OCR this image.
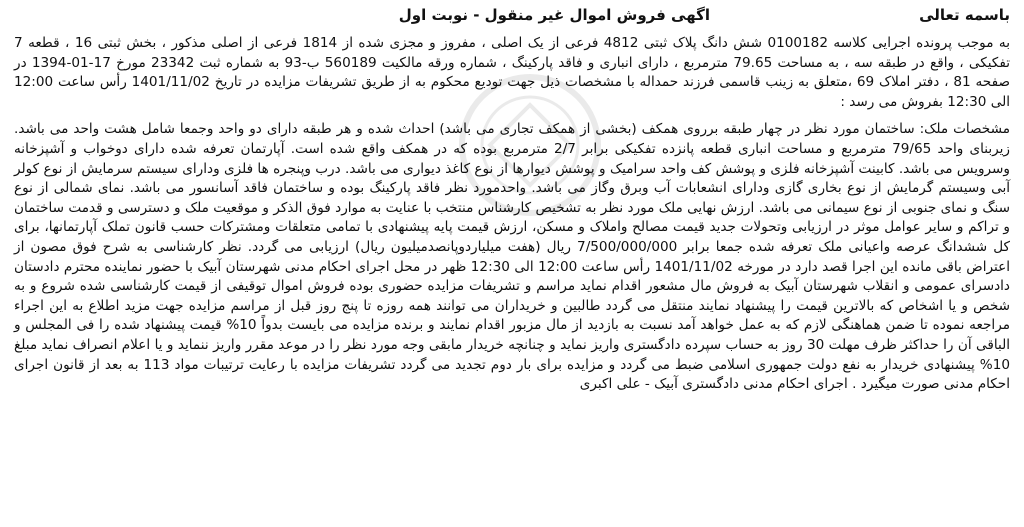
باسمه تعالی
اگهی فروش اموال غیر منقول - نوبت اول

به موجب پرونده اجرایی کلاسه 0100182 شش دانگ پلاک ثبتی 4812 فرعی از یک اصلی ، مفروز و مجزی شده از 1814 فرعی از اصلی مذکور ، بخش ثبتی 16 ، قطعه 7 تفکیکی ، واقع در طبقه سه ، به مساحت 79.65 مترمربع ، دارای انباری و فاقد پارکینگ ، شماره ورقه مالکیت 560189 ب-93 به شماره ثبت 23342 مورخ 17-01-1394 در صفحه 81 ، دفتر املاک 69 ،متعلق به زینب قاسمی فرزند حمداله با مشخصات ذیل جهت تودیع محکوم به از طریق تشریفات مزایده در تاریخ 1401/11/02 رأس ساعت 12:00 الی 12:30 بفروش می رسد :

مشخصات ملک: ساختمان مورد نظر در چهار طبقه برروی همکف (بخشی از همکف تجاری می باشد) احداث شده و هر طبقه دارای دو واحد وجمعا شامل هشت واحد می باشد. زیربنای واحد 79/65 مترمربع و مساحت انباری قطعه پانزده تفکیکی برابر 2/7 مترمربع بوده که در همکف واقع شده است. آپارتمان تعرفه شده دارای دوخواب و آشپزخانه وسرویس می باشد. کابینت آشپزخانه فلزی و پوشش کف واحد سرامیک و پوشش دیوارها از نوع کاغذ دیواری می باشد. درب وپنجره ها فلزی ودارای سیستم سرمایش از نوع کولر آبی وسیستم گرمایش از نوع بخاری گازی ودارای انشعابات آب وبرق وگاز می باشد. واحدمورد نظر فاقد پارکینگ بوده و ساختمان فاقد آسانسور می باشد. نمای شمالی از نوع سنگ و نمای جنوبی از نوع سیمانی می باشد. ارزش نهایی ملک مورد نظر به تشخیص کارشناس منتخب با عنایت به موارد فوق الذکر و موقعیت ملک و دسترسی و قدمت ساختمان و تراکم و سایر عوامل موثر در ارزیابی وتحولات جدید قیمت مصالح واملاک و مسکن، ارزش قیمت پایه پیشنهادی با تمامی متعلقات ومشترکات حسب قانون تملک آپارتمانها، برای کل ششدانگ عرصه واعیانی ملک تعرفه شده جمعا برابر 7/500/000/000 ریال (هفت میلیاردوپانصدمیلیون ریال) ارزیابی می گردد. نظر کارشناسی به شرح فوق مصون از اعتراض باقی مانده این اجرا قصد دارد در مورخه 1401/11/02 رأس ساعت 12:00 الی 12:30 ظهر در محل اجرای احکام مدنی شهرستان آبیک با حضور نماینده محترم دادستان دادسرای عمومی و انقلاب شهرستان آبیک به فروش مال مشعور اقدام نماید مراسم و تشریفات مزایده حضوری بوده فروش اموال توقیفی از قیمت کارشناسی شده شروع و به شخص و یا اشخاص که بالاترین قیمت را پیشنهاد نمایند منتقل می گردد طالبین و خریداران می توانند همه روزه تا پنج روز قبل از مراسم مزایده جهت مزید اطلاع به این اجراء مراجعه نموده تا ضمن هماهنگی لازم که به عمل خواهد آمد نسبت به بازدید از مال مزبور اقدام نمایند و برنده مزایده می بایست بدواً 10% قیمت پیشنهاد شده را فی المجلس و الباقی آن را حداکثر ظرف مهلت 30 روز به حساب سپرده دادگستری واریز نماید و چنانچه خریدار مابقی وجه مورد نظر را در موعد مقرر واریز ننماید و یا اعلام انصراف نماید مبلغ 10% پیشنهادی خریدار به نفع دولت جمهوری اسلامی ضبط می گردد و مزایده برای بار دوم تجدید می گردد تشریفات مزایده با رعایت ترتیبات مواد 113 به بعد از قانون اجرای احکام مدنی صورت میگیرد . اجرای احکام مدنی دادگستری آبیک - علی اکبری
